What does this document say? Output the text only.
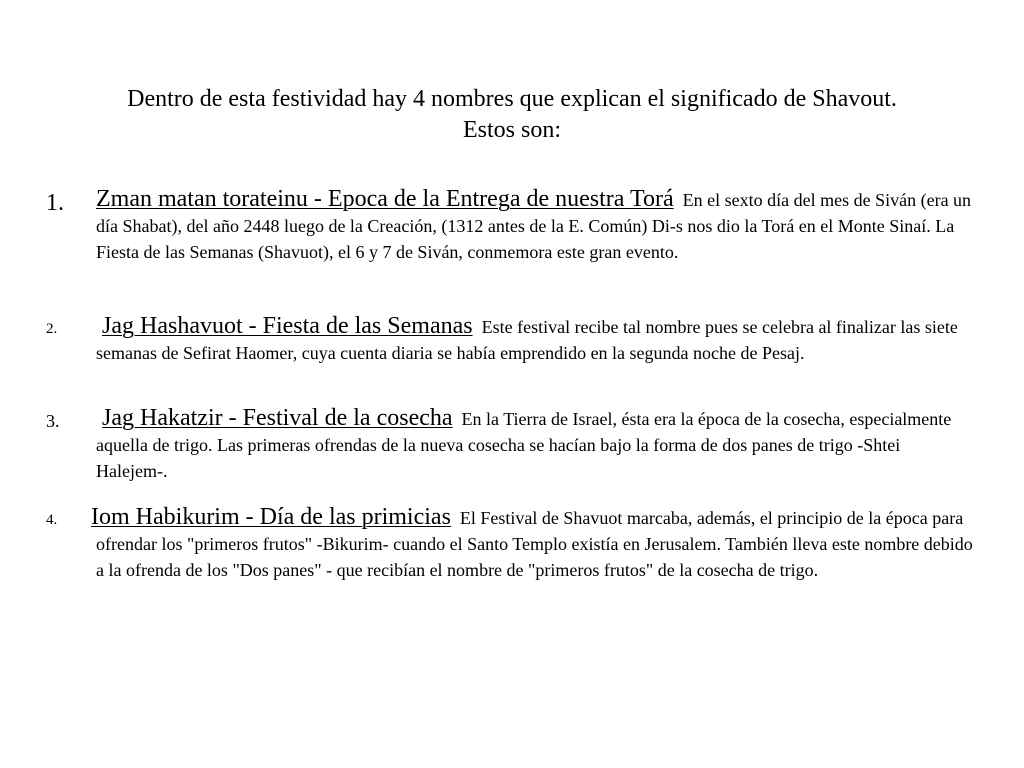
Dentro de esta festividad hay 4 nombres que explican el significado de Shavout. Estos son:
1. Zman matan torateinu - Epoca de la Entrega de nuestra Torá En el sexto día del mes de Siván (era un día Shabat), del año 2448 luego de la Creación, (1312 antes de la E. Común) Di-s nos dio la Torá en el Monte Sinaí. La Fiesta de las Semanas (Shavuot), el 6 y 7 de Siván, conmemora este gran evento.
2. Jag Hashavuot - Fiesta de las Semanas Este festival recibe tal nombre pues se celebra al finalizar las siete semanas de Sefirat Haomer, cuya cuenta diaria se había emprendido en la segunda noche de Pesaj.
3. Jag Hakatzir - Festival de la cosecha En la Tierra de Israel, ésta era la época de la cosecha, especialmente aquella de trigo. Las primeras ofrendas de la nueva cosecha se hacían bajo la forma de dos panes de trigo -Shtei Halejem-.
4. Iom Habikurim - Día de las primicias El Festival de Shavuot marcaba, además, el principio de la época para ofrendar los "primeros frutos" -Bikurim- cuando el Santo Templo existía en Jerusalem. También lleva este nombre debido a la ofrenda de los "Dos panes" - que recibían el nombre de "primeros frutos" de la cosecha de trigo.
